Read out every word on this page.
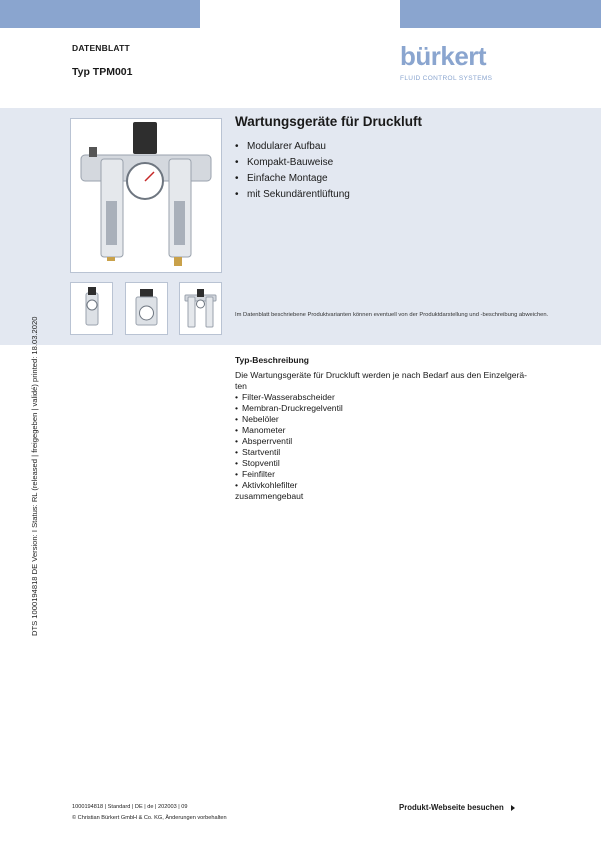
DATENBLATT
Typ TPM001
bürkert
FLUID CONTROL SYSTEMS
Wartungsgeräte für Druckluft
• Modularer Aufbau
• Kompakt-Bauweise
• Einfache Montage
• mit Sekundärentlüftung
Im Datenblatt beschriebene Produktvarianten können eventuell von der Produktdarstellung und -beschreibung abweichen.
Typ-Beschreibung
Die Wartungsgeräte für Druckluft werden je nach Bedarf aus den Einzelgerä-
ten
• Filter-Wasserabscheider
• Membran-Druckregelventil
• Nebelöler
• Manometer
• Absperrventil
• Startventil
• Stopventil
• Feinfilter
• Aktivkohlefilter
zusammengebaut
DTS 1000194818 DE Version: I Status: RL (released | freigegeben | validé) printed: 18.03.2020
1000194818 | Standard | DE | de | 202003 | 09
© Christian Bürkert GmbH & Co. KG, Änderungen vorbehalten
Produkt-Webseite besuchen
